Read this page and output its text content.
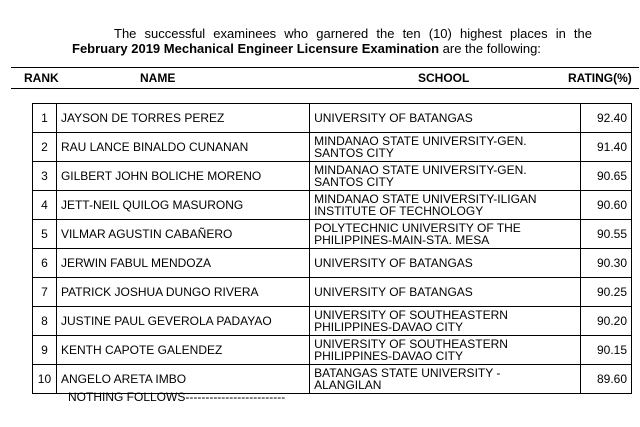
The successful examinees who garnered the ten (10) highest places in the
February 2019 Mechanical Engineer Licensure Examination are the following:
RANK	NAME	SCHOOL	RATING(%)
1	JAYSON DE TORRES PEREZ	UNIVERSITY OF BATANGAS	92.40
2	RAU LANCE BINALDO CUNANAN	MINDANAO STATE UNIVERSITY-GEN.
SANTOS CITY	91.40
3	GILBERT JOHN BOLICHE MORENO	MINDANAO STATE UNIVERSITY-GEN.
SANTOS CITY	90.65
4	JETT-NEIL QUILOG MASURONG	MINDANAO STATE UNIVERSITY-ILIGAN
INSTITUTE OF TECHNOLOGY	90.60
5	VILMAR AGUSTIN CABAÑERO	POLYTECHNIC UNIVERSITY OF THE
PHILIPPINES-MAIN-STA. MESA	90.55
6	JERWIN FABUL MENDOZA	UNIVERSITY OF BATANGAS	90.30
7	PATRICK JOSHUA DUNGO RIVERA	UNIVERSITY OF BATANGAS	90.25
8	JUSTINE PAUL GEVEROLA PADAYAO	UNIVERSITY OF SOUTHEASTERN
PHILIPPINES-DAVAO CITY	90.20
9	KENTH CAPOTE GALENDEZ	UNIVERSITY OF SOUTHEASTERN
PHILIPPINES-DAVAO CITY	90.15
10	ANGELO ARETA IMBO	BATANGAS STATE UNIVERSITY -
ALANGILAN	89.60
NOTHING FOLLOWS-------------------------
